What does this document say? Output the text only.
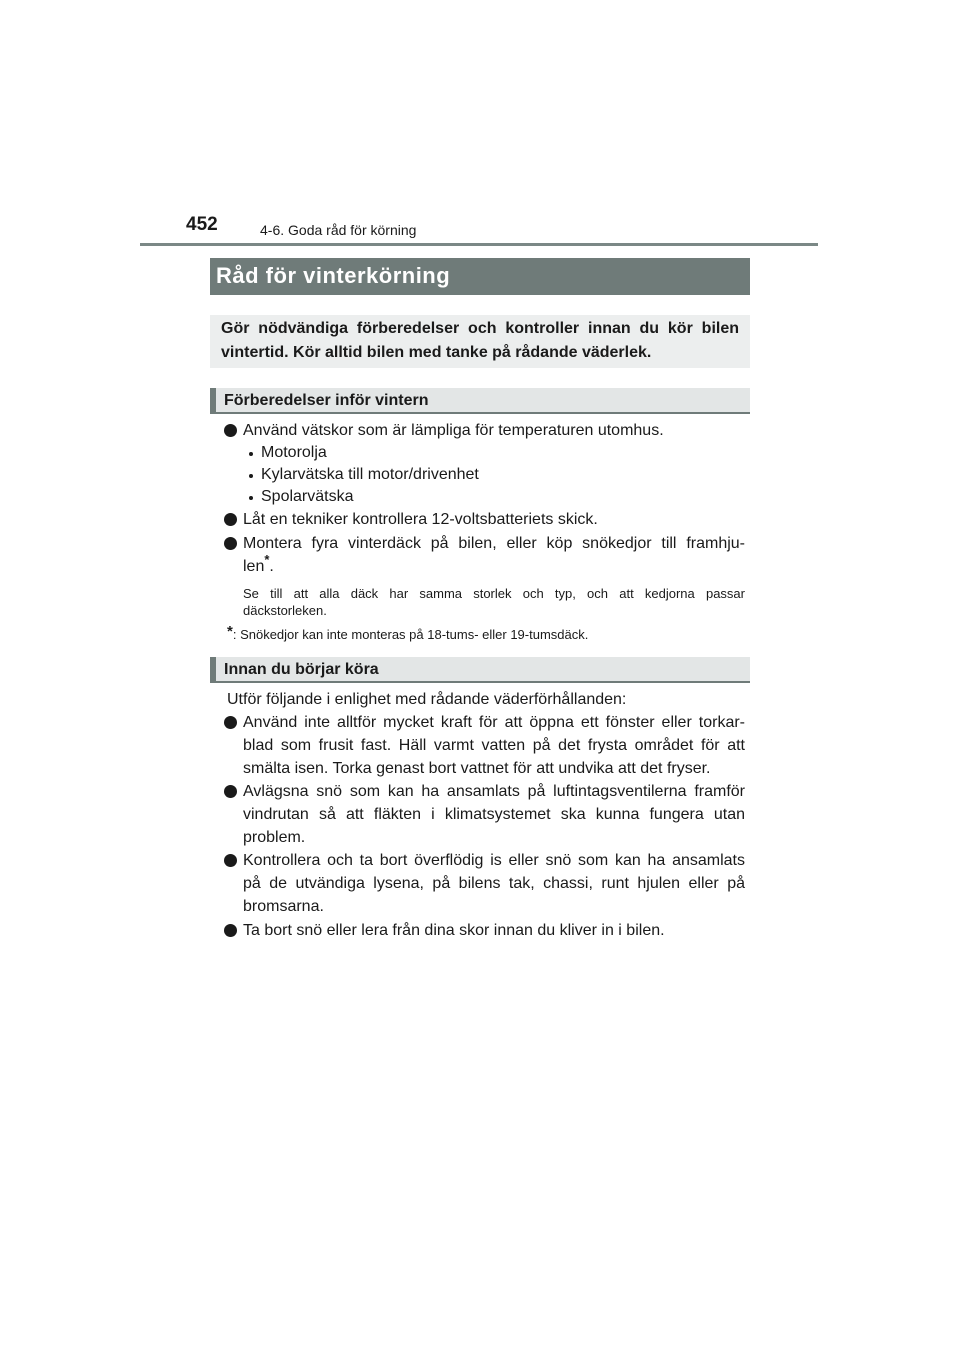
452	4-6. Goda råd för körning
Råd för vinterkörning
Gör nödvändiga förberedelser och kontroller innan du kör bilen
vintertid. Kör alltid bilen med tanke på rådande väderlek.
Förberedelser inför vintern
Använd vätskor som är lämpliga för temperaturen utomhus.
Motorolja
Kylarvätska till motor/drivenhet
Spolarvätska
Låt en tekniker kontrollera 12-voltsbatteriets skick.
Montera fyra vinterdäck på bilen, eller köp snökedjor till framhju-
len*.
Se till att alla däck har samma storlek och typ, och att kedjorna passar
däckstorleken.
*: Snökedjor kan inte monteras på 18-tums- eller 19-tumsdäck.
Innan du börjar köra
Utför följande i enlighet med rådande väderförhållanden:
Använd inte alltför mycket kraft för att öppna ett fönster eller torkar-
blad som frusit fast. Häll varmt vatten på det frysta området för att
smälta isen. Torka genast bort vattnet för att undvika att det fryser.
Avlägsna snö som kan ha ansamlats på luftintagsventilerna framför
vindrutan så att fläkten i klimatsystemet ska kunna fungera utan
problem.
Kontrollera och ta bort överflödig is eller snö som kan ha ansamlats
på de utvändiga lysena, på bilens tak, chassi, runt hjulen eller på
bromsarna.
Ta bort snö eller lera från dina skor innan du kliver in i bilen.
